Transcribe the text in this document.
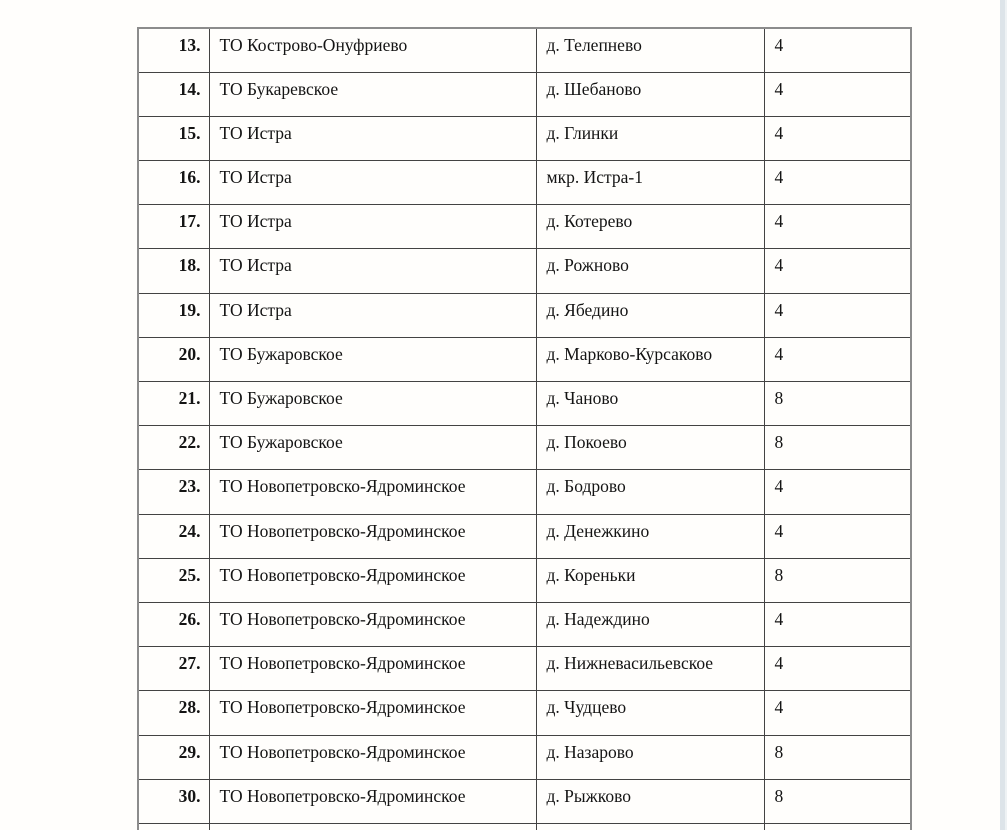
13.	ТО Кострово-Онуфриево	д. Телепнево	4
14.	ТО Букаревское	д. Шебаново	4
15.	ТО Истра	д. Глинки	4
16.	ТО Истра	мкр. Истра-1	4
17.	ТО Истра	д. Котерево	4
18.	ТО Истра	д. Рожново	4
19.	ТО Истра	д. Ябедино	4
20.	ТО Бужаровское	д. Марково-Курсаково	4
21.	ТО Бужаровское	д. Чаново	8
22.	ТО Бужаровское	д. Покоево	8
23.	ТО Новопетровско-Ядроминское	д. Бодрово	4
24.	ТО Новопетровско-Ядроминское	д. Денежкино	4
25.	ТО Новопетровско-Ядроминское	д. Кореньки	8
26.	ТО Новопетровско-Ядроминское	д. Надеждино	4
27.	ТО Новопетровско-Ядроминское	д. Нижневасильевское	4
28.	ТО Новопетровско-Ядроминское	д. Чудцево	4
29.	ТО Новопетровско-Ядроминское	д. Назарово	8
30.	ТО Новопетровско-Ядроминское	д. Рыжково	8
